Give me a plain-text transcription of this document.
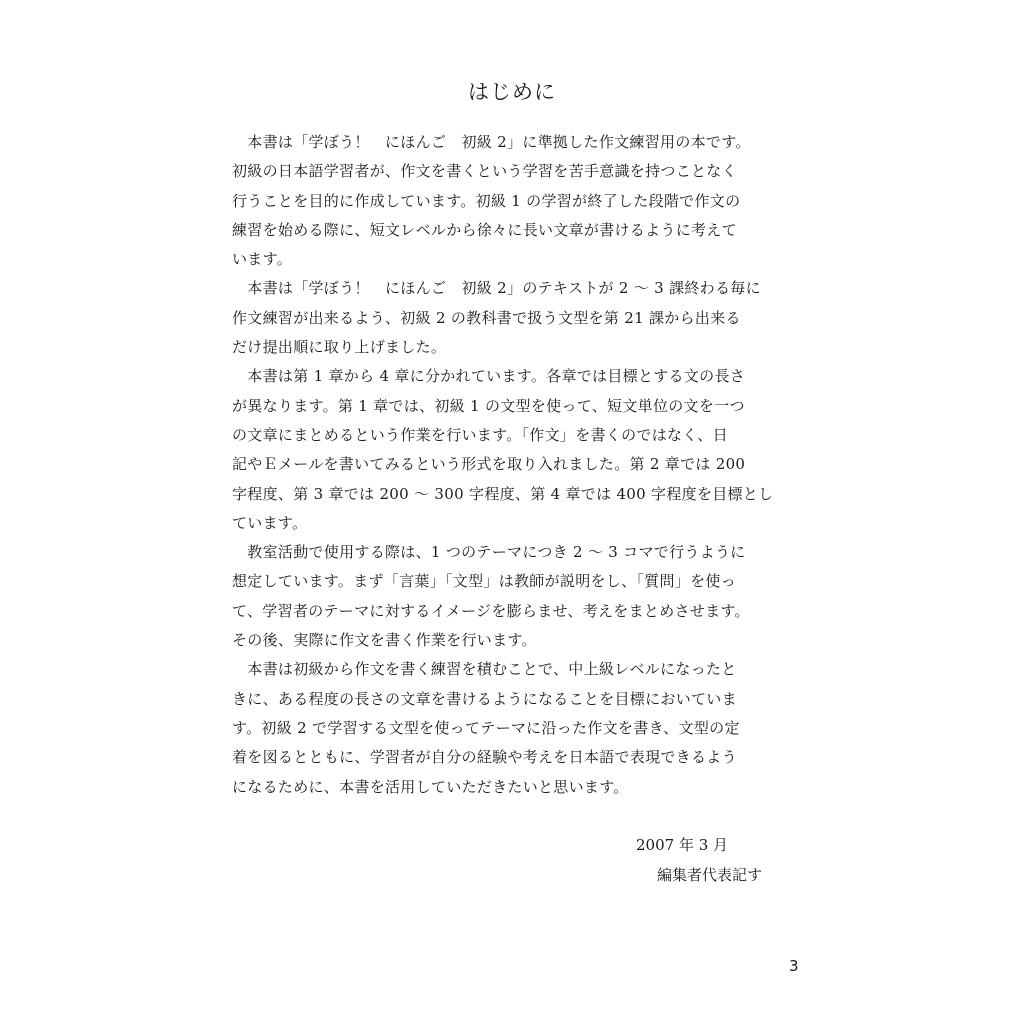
はじめに
　本書は「学ぼう！　にほんご　初級 2」に準拠した作文練習用の本です。
初級の日本語学習者が、作文を書くという学習を苦手意識を持つことなく
行うことを目的に作成しています。初級 1 の学習が終了した段階で作文の
練習を始める際に、短文レベルから徐々に長い文章が書けるように考えて
います。
　本書は「学ぼう！　にほんご　初級 2」のテキストが 2 〜 3 課終わる毎に
作文練習が出来るよう、初級 2 の教科書で扱う文型を第 21 課から出来る
だけ提出順に取り上げました。
　本書は第 1 章から 4 章に分かれています。各章では目標とする文の長さ
が異なります。第 1 章では、初級 1 の文型を使って、短文単位の文を一つ
の文章にまとめるという作業を行います。「作文」を書くのではなく、日
記やＥメールを書いてみるという形式を取り入れました。第 2 章では 200
字程度、第 3 章では 200 〜 300 字程度、第 4 章では 400 字程度を目標とし
ています。
　教室活動で使用する際は、1 つのテーマにつき 2 〜 3 コマで行うように
想定しています。まず「言葉」「文型」は教師が説明をし、「質問」を使っ
て、学習者のテーマに対するイメージを膨らませ、考えをまとめさせます。
その後、実際に作文を書く作業を行います。
　本書は初級から作文を書く練習を積むことで、中上級レベルになったと
きに、ある程度の長さの文章を書けるようになることを目標においていま
す。初級 2 で学習する文型を使ってテーマに沿った作文を書き、文型の定
着を図るとともに、学習者が自分の経験や考えを日本語で表現できるよう
になるために、本書を活用していただきたいと思います。
2007 年 3 月
編集者代表記す
3
